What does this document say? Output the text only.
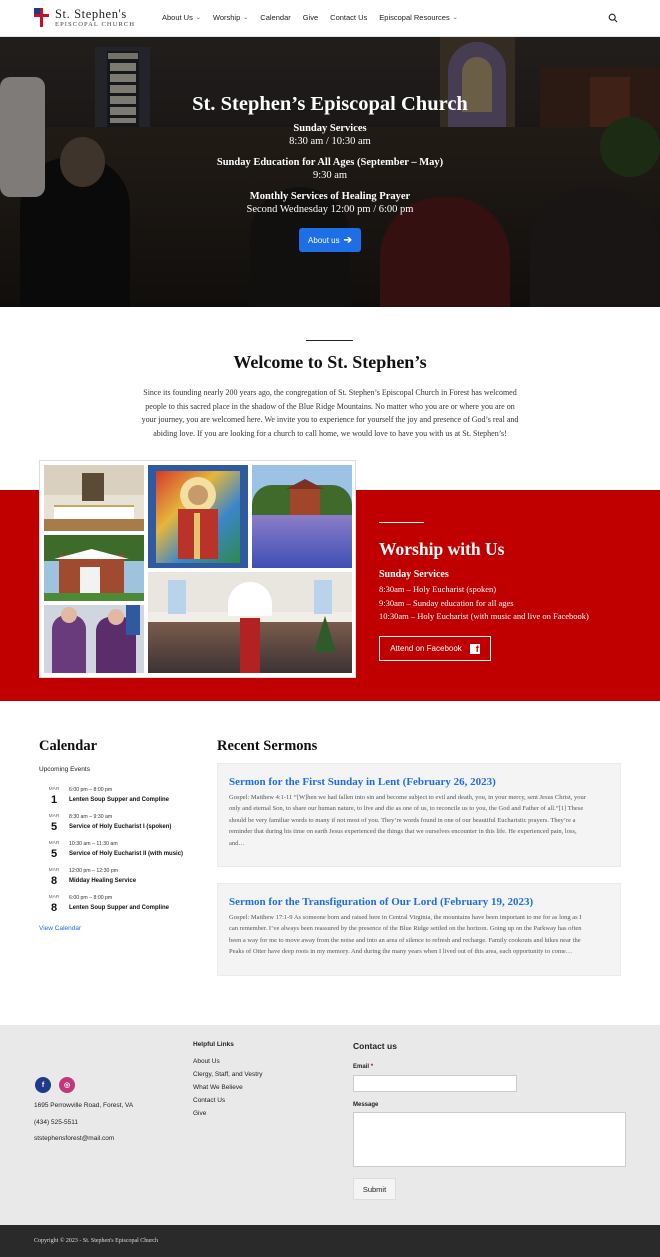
St. Stephen's
EPISCOPAL CHURCH
About Us ⌄ Worship ⌄ Calendar Give Contact Us Episcopal Resources ⌄
St. Stephen’s Episcopal Church
Sunday Services
8:30 am / 10:30 am
Sunday Education for All Ages (September – May)
9:30 am
Monthly Services of Healing Prayer
Second Wednesday 12:00 pm / 6:00 pm
About us ➔
Welcome to St. Stephen’s
Since its founding nearly 200 years ago, the congregation of St. Stephen’s Episcopal Church in Forest has welcomed
people to this sacred place in the shadow of the Blue Ridge Mountains. No matter who you are or where you are on
your journey, you are welcomed here. We invite you to experience for yourself the joy and presence of God’s real and
abiding love. If you are looking for a church to call home, we would love to have you with us at St. Stephen’s!
Worship with Us
Sunday Services
8:30am – Holy Eucharist (spoken)
9:30am – Sunday education for all ages
10:30am – Holy Eucharist (with music and live on Facebook)
Attend on Facebook	f
Calendar
Upcoming Events
MAR
1
6:00 pm – 8:00 pm
Lenten Soup Supper and Compline
MAR
5
8:30 am – 9:30 am
Service of Holy Eucharist I (spoken)
MAR
5
10:30 am – 11:30 am
Service of Holy Eucharist II (with music)
MAR
8
12:00 pm – 12:30 pm
Midday Healing Service
MAR
8
6:00 pm – 8:00 pm
Lenten Soup Supper and Compline
View Calendar
Recent Sermons
Sermon for the First Sunday in Lent (February 26, 2023)
Gospel: Matthew 4:1-11 “[W]hen we had fallen into sin and become subject to evil and death, you, in your mercy, sent Jesus Christ, your
only and eternal Son, to share our human nature, to live and die as one of us, to reconcile us to you, the God and Father of all.”[1] These
should be very familiar words to many if not most of you. They’re words found in one of our beautiful Eucharistic prayers. They’re a
reminder that during his time on earth Jesus experienced the things that we ourselves encounter in this life. He experienced pain, loss,
and…
Sermon for the Transfiguration of Our Lord (February 19, 2023)
Gospel: Matthew 17:1-9 As someone born and raised here in Central Virginia, the mountains have been important to me for as long as I
can remember. I’ve always been reassured by the presence of the Blue Ridge settled on the horizon. Going up on the Parkway has often
been a way for me to move away from the noise and into an area of silence to refresh and recharge. Family cookouts and hikes near the
Peaks of Otter have deep roots in my memory. And during the many years when I lived out of this area, each opportunity to come…
f	◎
1695 Perrowville Road, Forest, VA
(434) 525-5511
ststephensforest@mail.com
Helpful Links
About Us
Clergy, Staff, and Vestry
What We Believe
Contact Us
Give
Contact us
Email *
Message
Submit
Copyright © 2023 - St. Stephen's Episcopal Church
